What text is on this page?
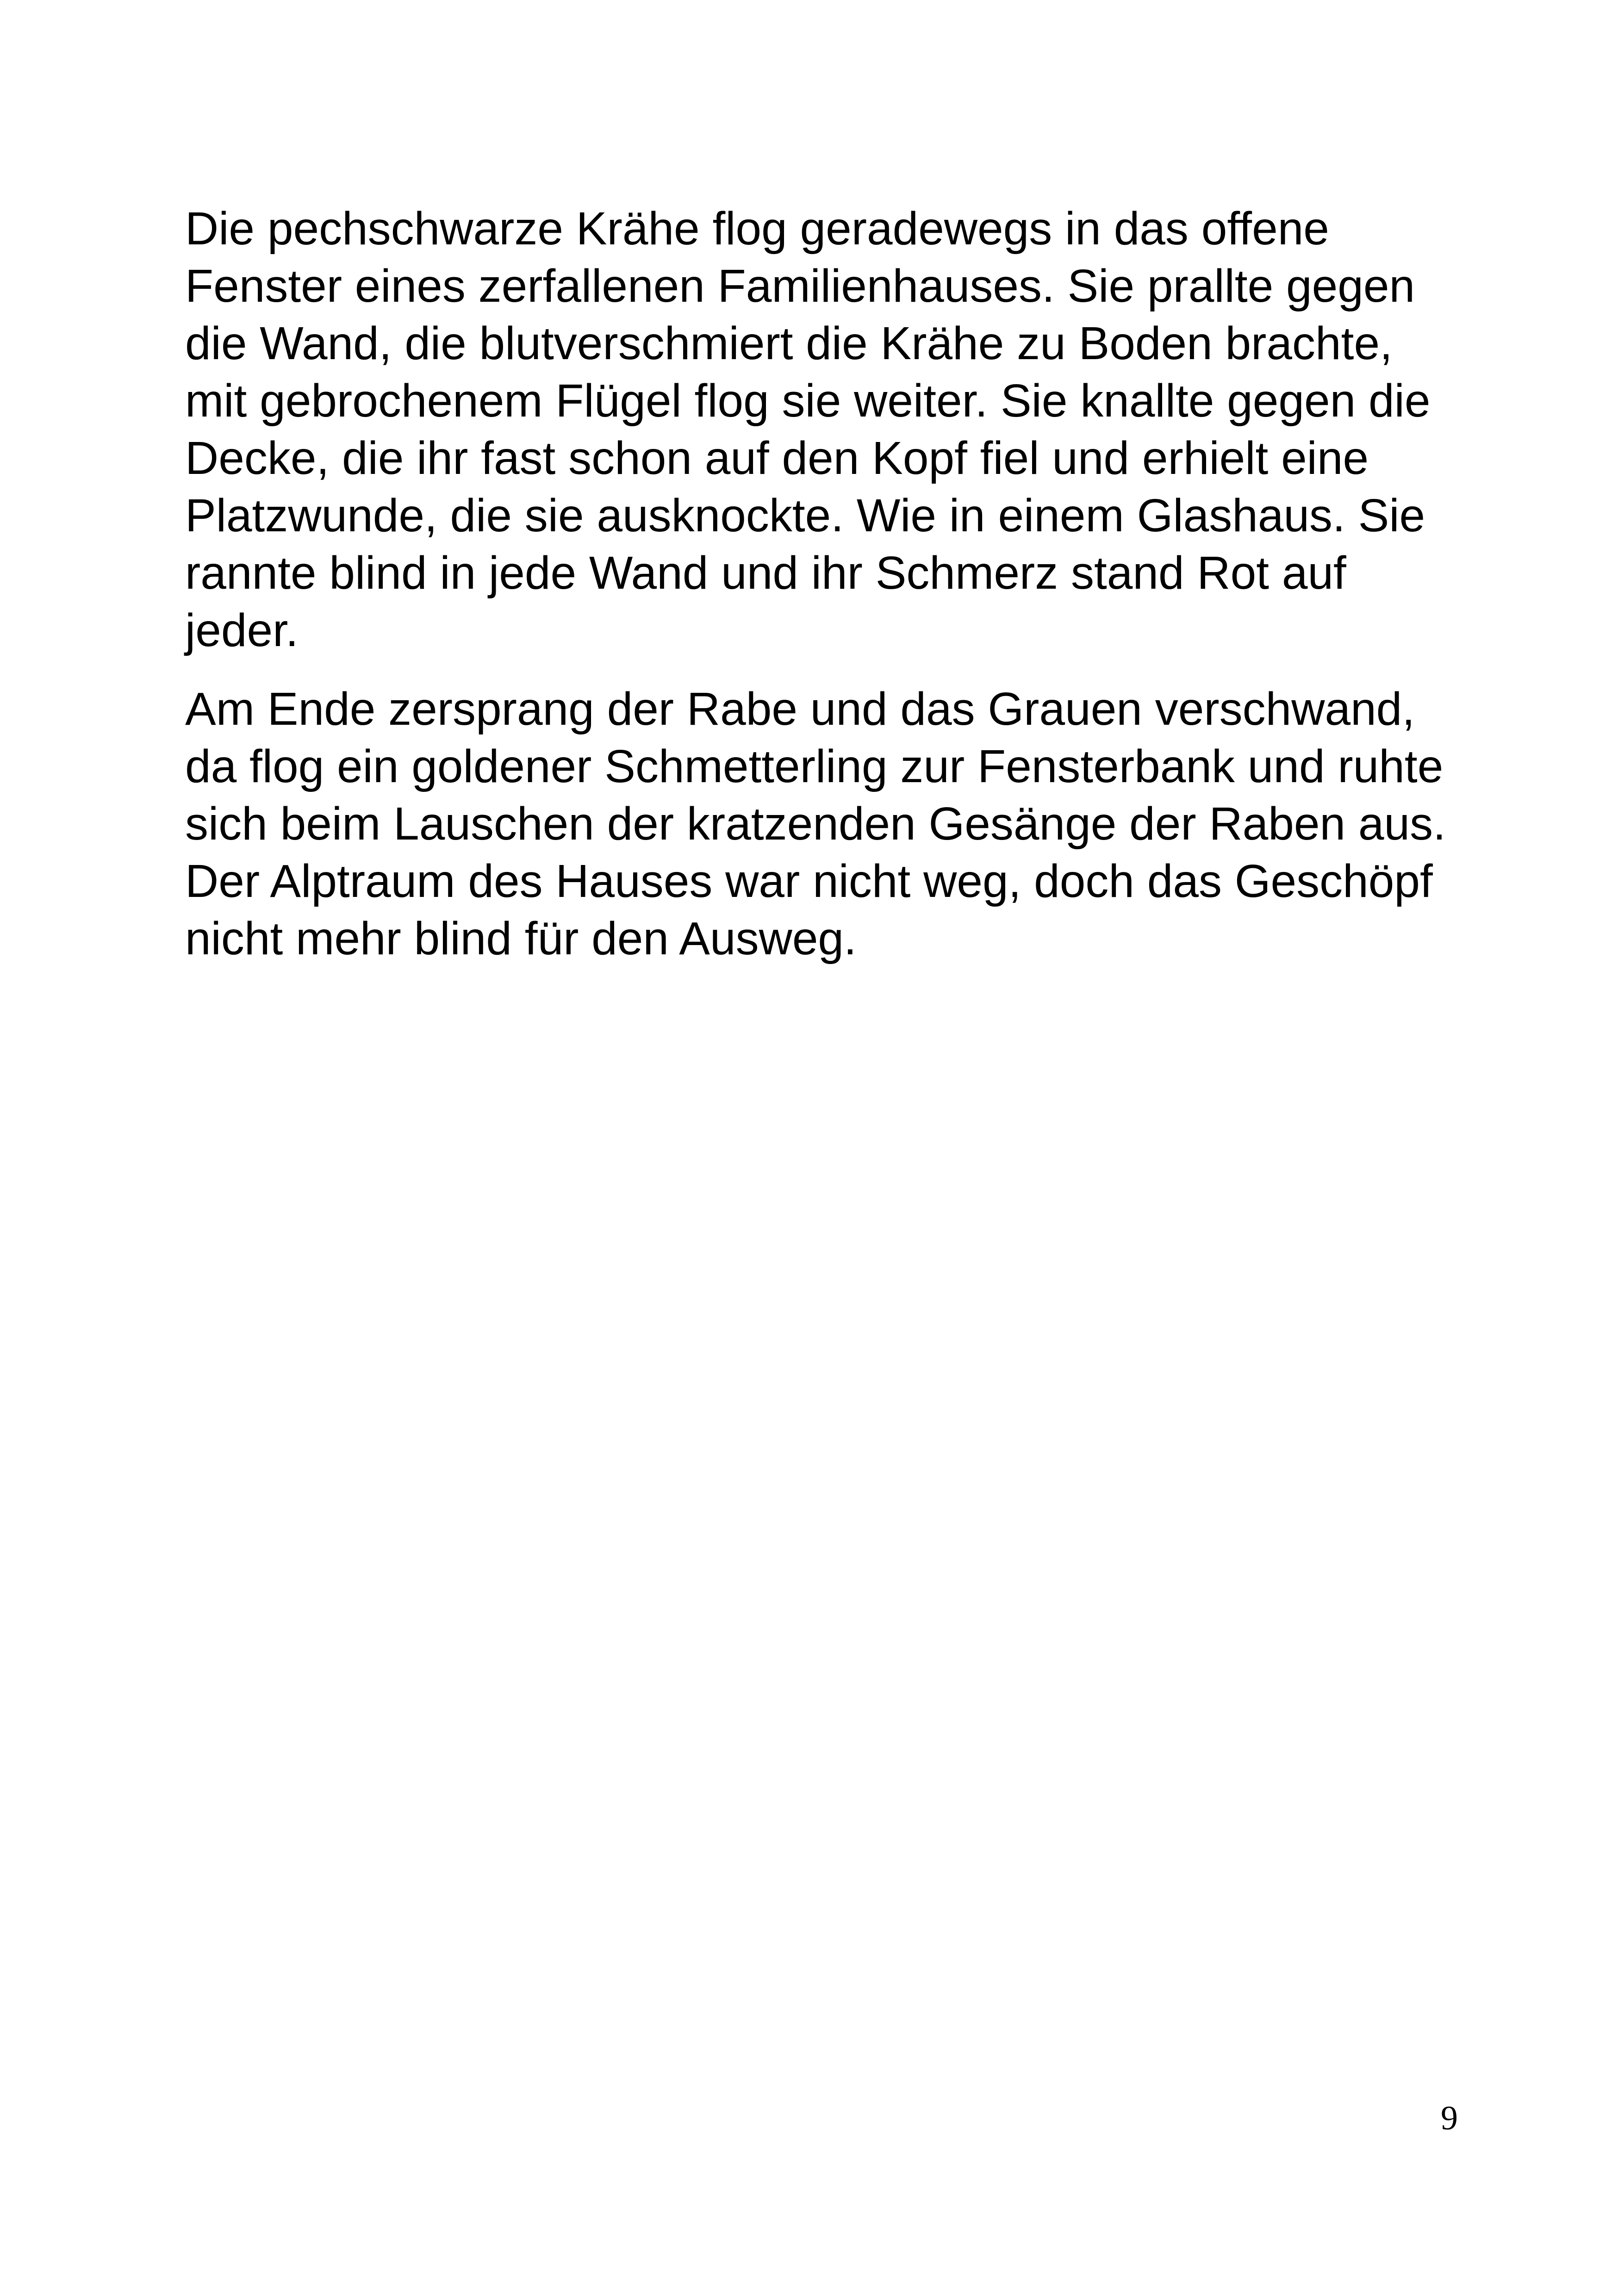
Die pechschwarze Krähe flog geradewegs in das offene
Fenster eines zerfallenen Familienhauses. Sie prallte gegen
die Wand, die blutverschmiert die Krähe zu Boden brachte,
mit gebrochenem Flügel flog sie weiter. Sie knallte gegen die
Decke, die ihr fast schon auf den Kopf fiel und erhielt eine
Platzwunde, die sie ausknockte. Wie in einem Glashaus. Sie
rannte blind in jede Wand und ihr Schmerz stand Rot auf
jeder.

Am Ende zersprang der Rabe und das Grauen verschwand,
da flog ein goldener Schmetterling zur Fensterbank und ruhte
sich beim Lauschen der kratzenden Gesänge der Raben aus.
Der Alptraum des Hauses war nicht weg, doch das Geschöpf
nicht mehr blind für den Ausweg.

9
